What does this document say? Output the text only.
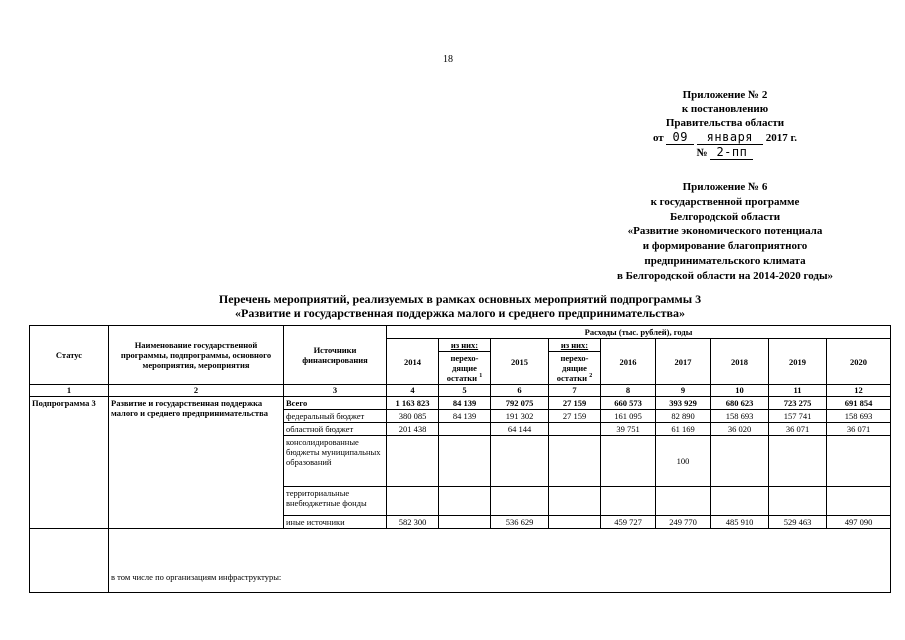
18
Приложение № 2
к постановлению
Правительства области
от 09 января 2017 г.
№ 2-пп
Приложение № 6
к государственной программе
Белгородской области
«Развитие экономического потенциала
и формирование благоприятного
предпринимательского климата
в Белгородской области на 2014-2020 годы»
Перечень мероприятий, реализуемых в рамках основных мероприятий подпрограммы 3
«Развитие и государственная поддержка малого и среднего предпринимательства»
Статус	Наименование государственной программы, подпрограммы, основного мероприятия, мероприятия	Источники финансирования	Расходы (тыс. рублей), годы								
			2014	из них:	2015	из них:	2016	2017	2018	2019	2020
				перехо-дящие остатки $^1$		перехо-дящие остатки $^2$
1	2	3	4	5	6	7	8	9	10	11	12
Подпрограмма 3	Развитие и государственная поддержка малого и среднего предпринимательства	Всего	1 163 823	84 139	792 075	27 159	660 573	393 929	680 623	723 275	691 854
		федеральный бюджет	380 085	84 139	191 302	27 159	161 095	82 890	158 693	157 741	158 693
		областной бюджет	201 438		64 144		39 751	61 169	36 020	36 071	36 071
		консолидированные бюджеты муниципальных образований						100			
		территориальные внебюджетные фонды									
		иные источники	582 300		536 629		459 727	249 770	485 910	529 463	497 090
	в том числе по организациям инфраструктуры:										
